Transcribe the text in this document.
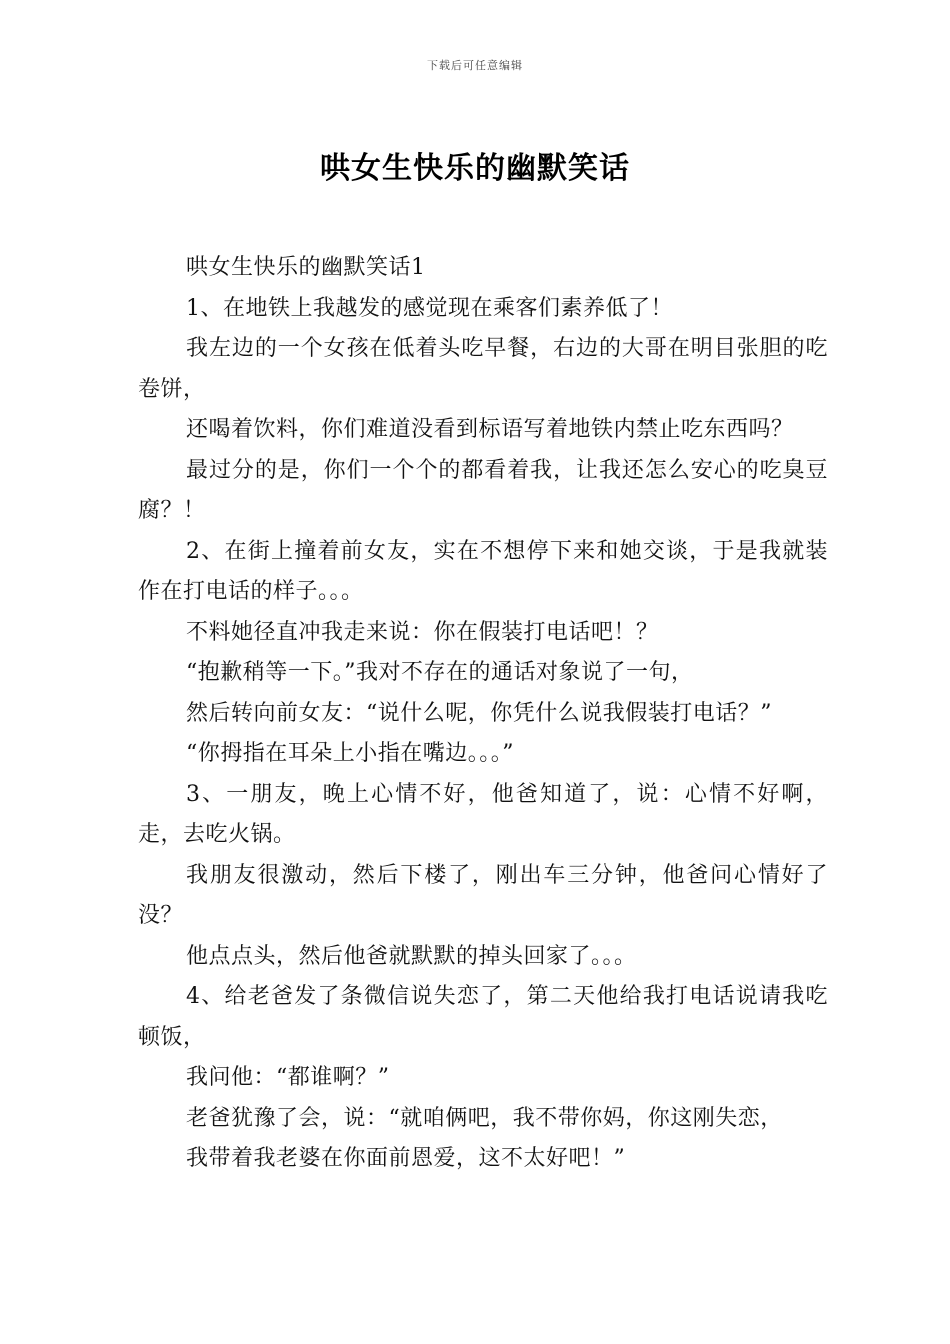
下载后可任意编辑
哄女生快乐的幽默笑话

哄女生快乐的幽默笑话1

1、在地铁上我越发的感觉现在乘客们素养低了！

我左边的一个女孩在低着头吃早餐，右边的大哥在明目张胆的吃卷饼，

还喝着饮料，你们难道没看到标语写着地铁内禁止吃东西吗？

最过分的是，你们一个个的都看着我，让我还怎么安心的吃臭豆腐？！

2、在街上撞着前女友，实在不想停下来和她交谈，于是我就装作在打电话的样子。。。

不料她径直冲我走来说：你在假装打电话吧！？

“抱歉稍等一下。”我对不存在的通话对象说了一句，

然后转向前女友：“说什么呢，你凭什么说我假装打电话？”

“你拇指在耳朵上小指在嘴边。。。”

3、一朋友，晚上心情不好，他爸知道了，说：心情不好啊，走，去吃火锅。

我朋友很激动，然后下楼了，刚出车三分钟，他爸问心情好了没？

他点点头，然后他爸就默默的掉头回家了。。。

4、给老爸发了条微信说失恋了，第二天他给我打电话说请我吃顿饭，

我问他：“都谁啊？”

老爸犹豫了会，说：“就咱俩吧，我不带你妈，你这刚失恋，

我带着我老婆在你面前恩爱，这不太好吧！”
